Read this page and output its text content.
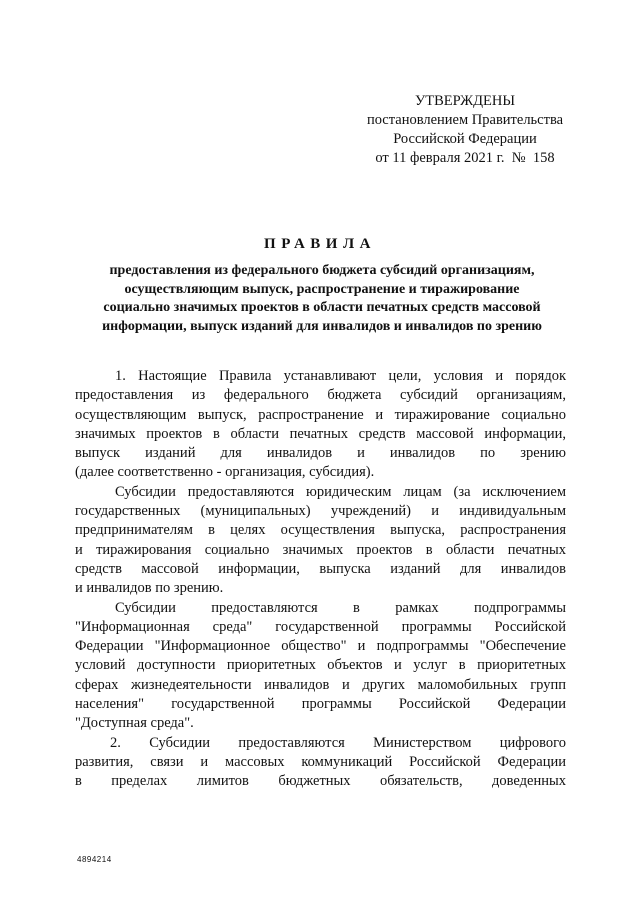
УТВЕРЖДЕНЫ
постановлением Правительства
Российской Федерации
от 11 февраля 2021 г.  №  158
ПРАВИЛА
предоставления из федерального бюджета субсидий организациям,
осуществляющим выпуск, распространение и тиражирование
социально значимых проектов в области печатных средств массовой
информации, выпуск изданий для инвалидов и инвалидов по зрению
1. Настоящие Правила устанавливают цели, условия и порядок
предоставления из федерального бюджета субсидий организациям,
осуществляющим выпуск, распространение и тиражирование социально
значимых проектов в области печатных средств массовой информации,
выпуск изданий для инвалидов и инвалидов по зрению
(далее соответственно - организация, субсидия).
Субсидии предоставляются юридическим лицам (за исключением
государственных (муниципальных) учреждений) и индивидуальным
предпринимателям в целях осуществления выпуска, распространения
и тиражирования социально значимых проектов в области печатных
средств массовой информации, выпуска изданий для инвалидов
и инвалидов по зрению.
Субсидии предоставляются в рамках подпрограммы
"Информационная среда" государственной программы Российской
Федерации "Информационное общество" и подпрограммы "Обеспечение
условий доступности приоритетных объектов и услуг в приоритетных
сферах жизнедеятельности инвалидов и других маломобильных групп
населения" государственной программы Российской Федерации
"Доступная среда".
2. Субсидии предоставляются Министерством цифрового
развития, связи и массовых коммуникаций Российской Федерации
в пределах лимитов бюджетных обязательств, доведенных
4894214
